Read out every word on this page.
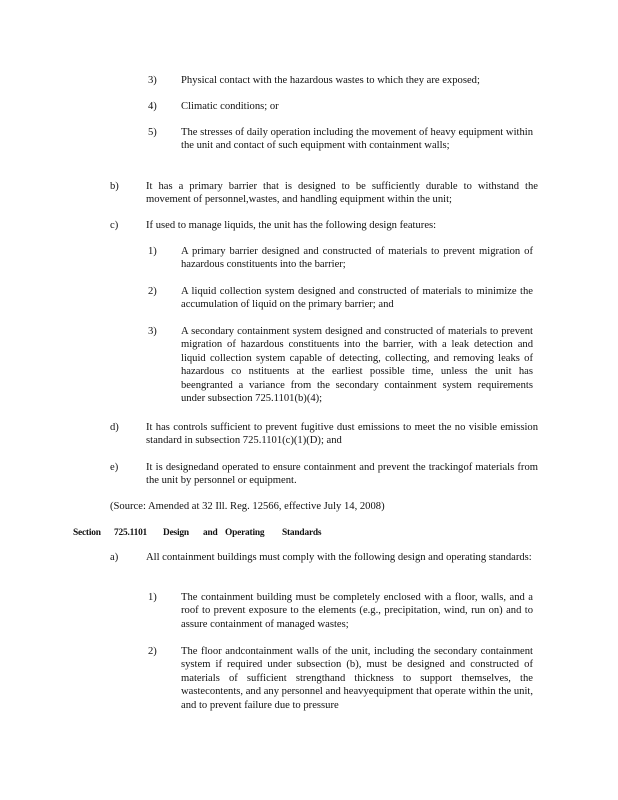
3) Physical contact with the hazardous wastes to which they are exposed;
4) Climatic conditions; or
5) The stresses of daily operation including the movement of heavy equipment within the unit and contact of such equipment with containment walls;
b)	It has a primary barrier that is designed to be sufficiently durable to withstand the movement of personnel,wastes, and handling equipment within the unit;
c)	If used to manage liquids, the unit has the following design features:
1) A primary barrier designed and constructed of materials to prevent migration of hazardous constituents into the barrier;
2) A liquid collection system designed and constructed of materials to minimize the accumulation of liquid on the primary barrier; and
3) A secondary containment system designed and constructed of materials to prevent migration of hazardous constituents into the barrier, with a leak detection and liquid collection system capable of detecting, collecting, and removing leaks of hazardous co nstituents at the earliest possible time, unless the unit has beengranted a variance from the secondary containment system requirements under subsection 725.1101(b)(4);
d)	It has controls sufficient to prevent fugitive dust emissions to meet the no visible emission standard in subsection 725.1101(c)(1)(D); and
e)	It is designedand operated to ensure containment and prevent the trackingof materials from the unit by personnel or equipment.
(Source: Amended at 32 Ill. Reg. 12566, effective July 14, 2008)
Section 725.1101 Design and Operating Standards
a)	All containment buildings must comply with the following design and operating standards:
1) The containment building must be completely enclosed with a floor, walls, and a roof to prevent exposure to the elements (e.g., precipitation, wind, run on) and to assure containment of managed wastes;
2) The floor andcontainment walls of the unit, including the secondary containment system if required under subsection (b), must be designed and constructed of materials of sufficient strengthand thickness to support themselves, the wastecontents, and any personnel and heavyequipment that operate within the unit, and to prevent failure due to pressure
